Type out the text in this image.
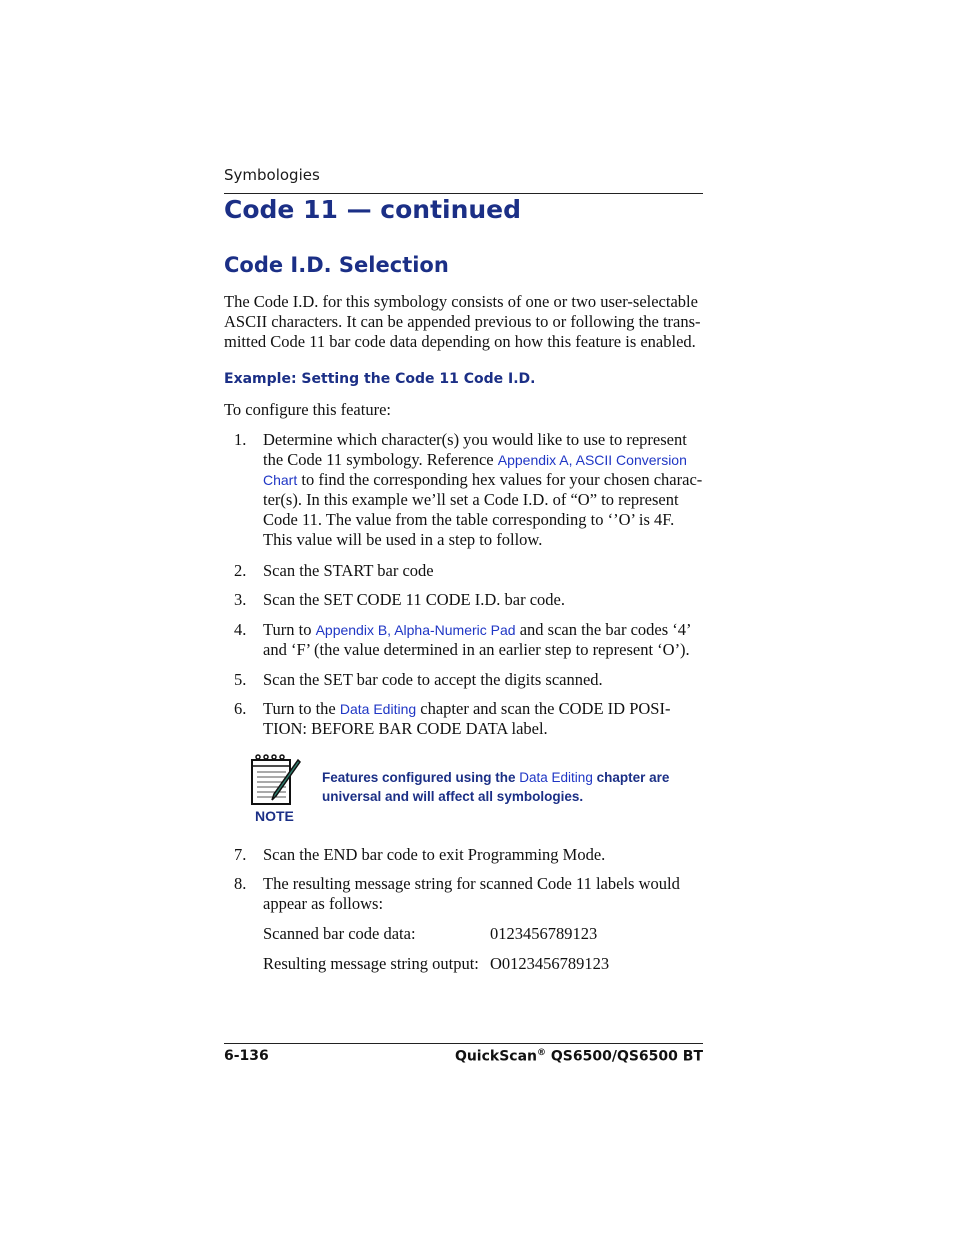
Symbologies
Code 11 — continued
Code I.D. Selection

The Code I.D. for this symbology consists of one or two user-selectable ASCII characters. It can be appended previous to or following the trans-mitted Code 11 bar code data depending on how this feature is enabled.

Example: Setting the Code 11 Code I.D.

To configure this feature:

1. Determine which character(s) you would like to use to represent the Code 11 symbology. Reference Appendix A, ASCII Conversion Chart to find the corresponding hex values for your chosen charac-ter(s). In this example we’ll set a Code I.D. of “O” to represent Code 11. The value from the table corresponding to ‘’O’ is 4F. This value will be used in a step to follow.

2. Scan the START bar code

3. Scan the SET CODE 11 CODE I.D. bar code.

4. Turn to Appendix B, Alpha-Numeric Pad and scan the bar codes ‘4’ and ‘F’ (the value determined in an earlier step to represent ‘O’).

5. Scan the SET bar code to accept the digits scanned.

6. Turn to the Data Editing chapter and scan the CODE ID POSI-TION: BEFORE BAR CODE DATA label.

NOTE

Features configured using the Data Editing chapter are universal and will affect all symbologies.

7. Scan the END bar code to exit Programming Mode.

8. The resulting message string for scanned Code 11 labels would appear as follows:

Scanned bar code data:	0123456789123
Resulting message string output: O0123456789123
6-136	QuickScan® QS6500/QS6500 BT
